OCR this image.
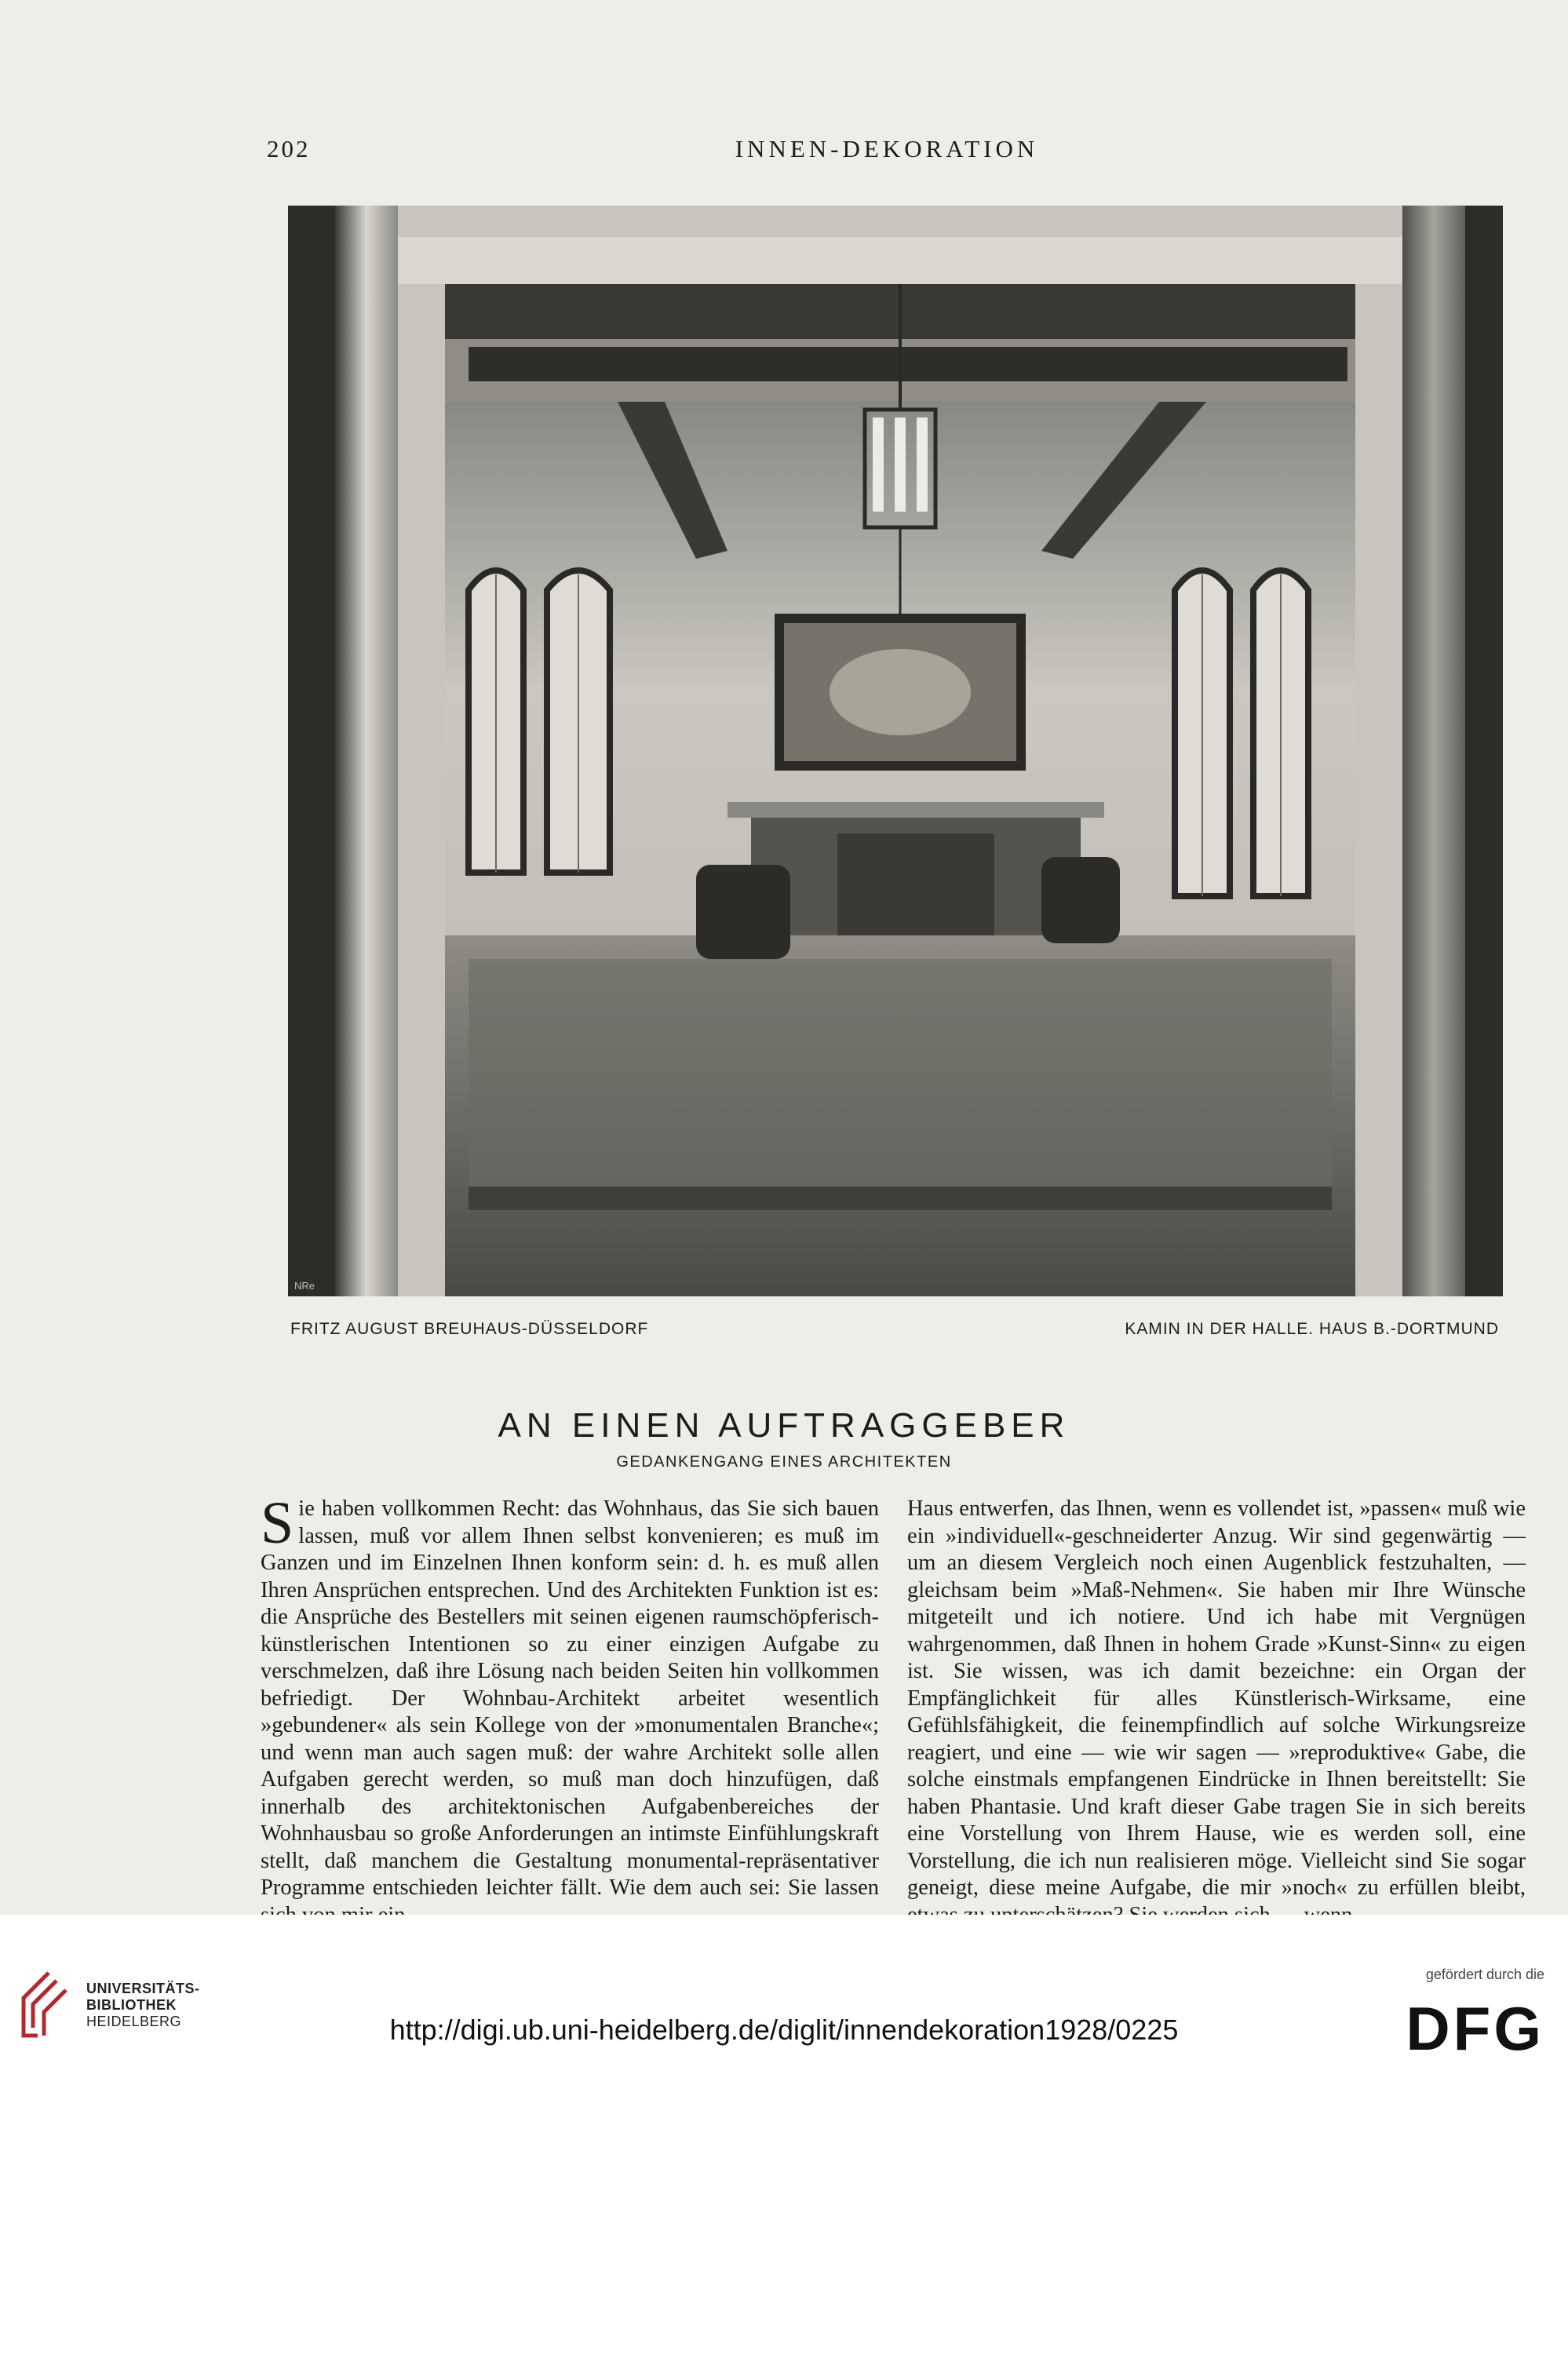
202	INNEN-DEKORATION
NRe
FRITZ AUGUST BREUHAUS-DÜSSELDORF	KAMIN IN DER HALLE. HAUS B.-DORTMUND
AN EINEN AUFTRAGGEBER
GEDANKENGANG EINES ARCHITEKTEN

Sie haben vollkommen Recht: das Wohnhaus, das Sie sich bauen lassen, muß vor allem Ihnen selbst konvenieren; es muß im Ganzen und im Einzelnen Ihnen konform sein: d. h. es muß allen Ihren Ansprüchen entsprechen. Und des Architekten Funktion ist es: die Ansprüche des Bestellers mit seinen eigenen raumschöpferisch-künstlerischen Intentionen so zu einer einzigen Aufgabe zu verschmelzen, daß ihre Lösung nach beiden Seiten hin vollkommen befriedigt. Der Wohnbau-Architekt arbeitet wesentlich »gebundener« als sein Kollege von der »monumentalen Branche«; und wenn man auch sagen muß: der wahre Architekt solle allen Aufgaben gerecht werden, so muß man doch hinzufügen, daß innerhalb des architektonischen Aufgabenbereiches der Wohnhausbau so große Anforderungen an intimste Einfühlungskraft stellt, daß manchem die Gestaltung monumental-repräsentativer Programme entschieden leichter fällt. Wie dem auch sei: Sie lassen

Haus entwerfen, das Ihnen, wenn es vollendet ist, »passen« muß wie ein »individuell«-geschneiderter Anzug. Wir sind gegenwärtig — um an diesem Vergleich noch einen Augenblick festzuhalten, — gleichsam beim »Maß-Nehmen«. Sie haben mir Ihre Wünsche mitgeteilt und ich notiere. Und ich habe mit Vergnügen wahrgenommen, daß Ihnen in hohem Grade »Kunst-Sinn« zu eigen ist. Sie wissen, was ich damit bezeichne: ein Organ der Empfänglichkeit für alles Künstlerisch-Wirksame, eine Gefühlsfähigkeit, die feinempfindlich auf solche Wirkungsreize reagiert, und eine — wie wir sagen — »reproduktive« Gabe, die solche einstmals empfangenen Eindrücke in Ihnen bereitstellt: Sie haben Phantasie. Und kraft dieser Gabe tragen Sie in sich bereits eine Vorstellung von Ihrem Hause, wie es werden soll, eine Vorstellung, die ich nun realisieren möge. Vielleicht sind Sie sogar geneigt, diese meine Aufgabe, die mir »noch« zu erfüllen bleibt,

UNIVERSITÄTS-
BIBLIOTHEK
HEIDELBERG	http://digi.ub.uni-heidelberg.de/diglit/innendekoration1928/0225
gefördert durch die
DFG
